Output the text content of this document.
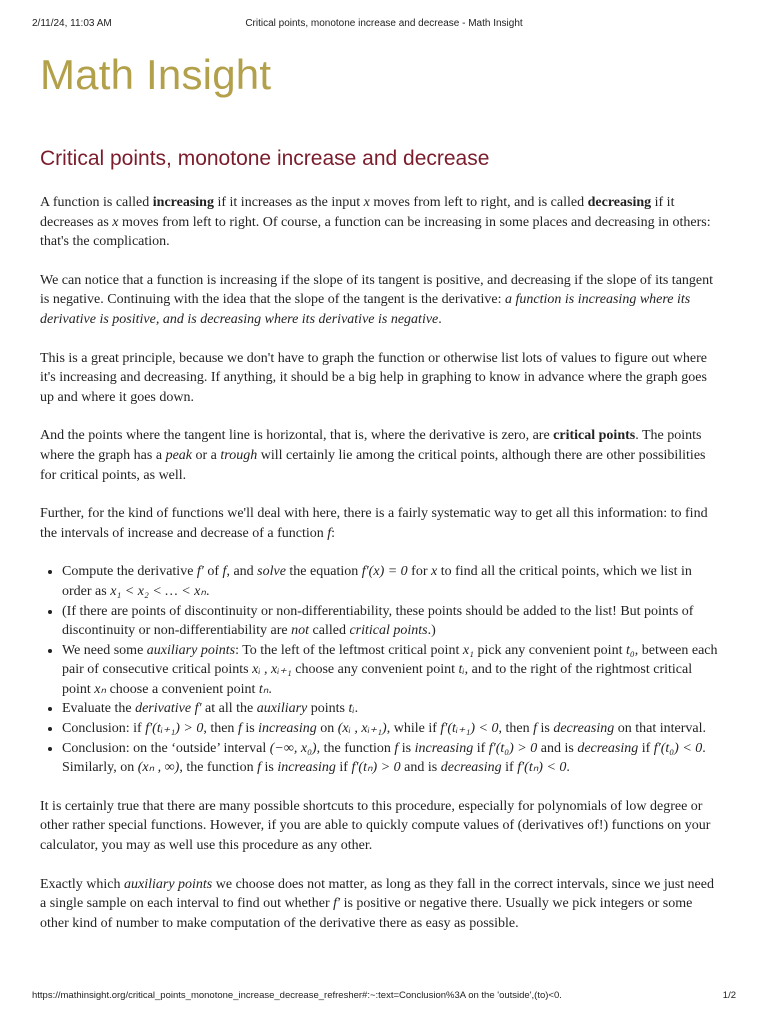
2/11/24, 11:03 AM	Critical points, monotone increase and decrease - Math Insight
Math Insight
Critical points, monotone increase and decrease

A function is called increasing if it increases as the input x moves from left to right, and is called decreasing if it decreases as x moves from left to right. Of course, a function can be increasing in some places and decreasing in others: that's the complication.

We can notice that a function is increasing if the slope of its tangent is positive, and decreasing if the slope of its tangent is negative. Continuing with the idea that the slope of the tangent is the derivative: a function is increasing where its derivative is positive, and is decreasing where its derivative is negative.

This is a great principle, because we don't have to graph the function or otherwise list lots of values to figure out where it's increasing and decreasing. If anything, it should be a big help in graphing to know in advance where the graph goes up and where it goes down.

And the points where the tangent line is horizontal, that is, where the derivative is zero, are critical points. The points where the graph has a peak or a trough will certainly lie among the critical points, although there are other possibilities for critical points, as well.

Further, for the kind of functions we'll deal with here, there is a fairly systematic way to get all this information: to find the intervals of increase and decrease of a function f:

• Compute the derivative f′ of f, and solve the equation f′(x) = 0 for x to find all the critical points, which we list in order as x₁ < x₂ < … < xₙ.
• (If there are points of discontinuity or non-differentiability, these points should be added to the list! But points of discontinuity or non-differentiability are not called critical points.)
• We need some auxiliary points: To the left of the leftmost critical point x₁ pick any convenient point t₀, between each pair of consecutive critical points xᵢ , xᵢ₊₁ choose any convenient point tᵢ, and to the right of the rightmost critical point xₙ choose a convenient point tₙ.
• Evaluate the derivative f′ at all the auxiliary points tᵢ.
• Conclusion: if f′(tᵢ₊₁) > 0, then f is increasing on (xᵢ , xᵢ₊₁), while if f′(tᵢ₊₁) < 0, then f is decreasing on that interval.
• Conclusion: on the ‘outside’ interval (−∞, x₀), the function f is increasing if f′(t₀) > 0 and is decreasing if f′(t₀) < 0. Similarly, on (xₙ , ∞), the function f is increasing if f′(tₙ) > 0 and is decreasing if f′(tₙ) < 0.

It is certainly true that there are many possible shortcuts to this procedure, especially for polynomials of low degree or other rather special functions. However, if you are able to quickly compute values of (derivatives of!) functions on your calculator, you may as well use this procedure as any other.

Exactly which auxiliary points we choose does not matter, as long as they fall in the correct intervals, since we just need a single sample on each interval to find out whether f′ is positive or negative there. Usually we pick integers or some other kind of number to make computation of the derivative there as easy as possible.

https://mathinsight.org/critical_points_monotone_increase_decrease_refresher#:~:text=Conclusion%3A on the 'outside',(to)<0.	1/2
